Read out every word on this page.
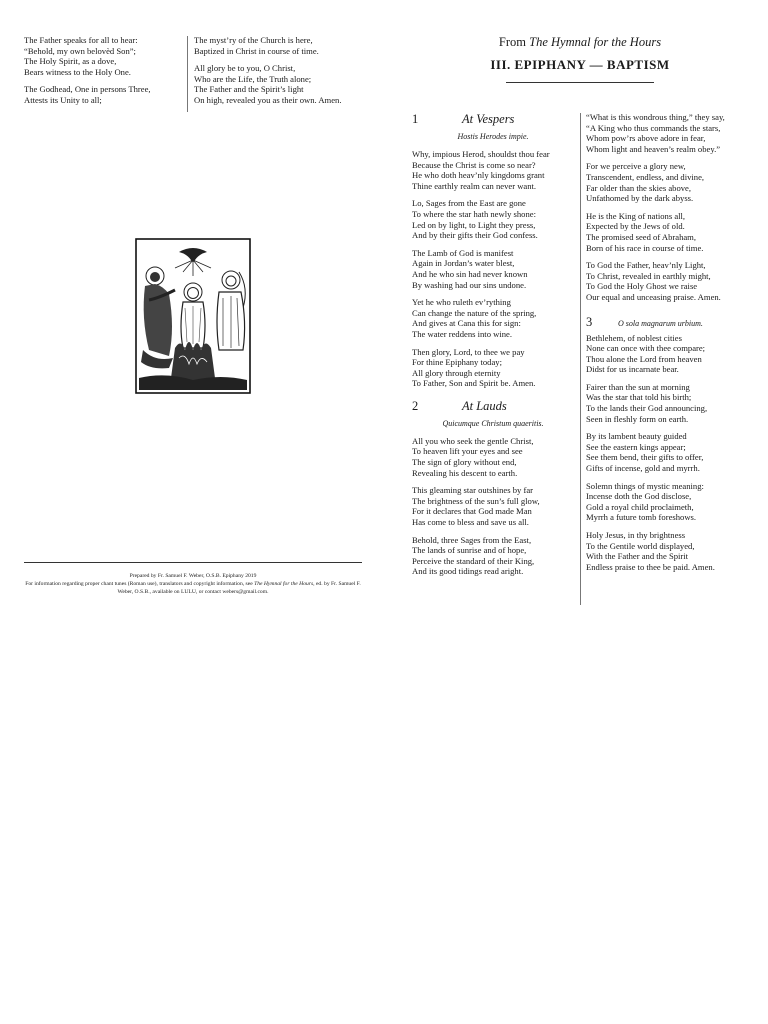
The Father speaks for all to hear:
“Behold, my own belovèd Son”;
The Holy Spirit, as a dove,
Bears witness to the Holy One.

The Godhead, One in persons Three,
Attests its Unity to all;

The myst’ry of the Church is here,
Baptized in Christ in course of time.

All glory be to you, O Christ,
Who are the Life, the Truth alone;
The Father and the Spirit’s light
On high, revealed you as their own. Amen.

Prepared by Fr. Samuel F. Weber, O.S.B. Epiphany 2019
For information regarding proper chant tunes (Roman use), translators and copyright information, see The Hymnal for the Hours, ed. by Fr. Samuel F. Weber, O.S.B., available on LULU, or contact webers@gmail.com.
From The Hymnal for the Hours
III. EPIPHANY — BAPTISM
1	At Vespers
Hostis Herodes impie.

Why, impious Herod, shouldst thou fear
Because the Christ is come so near?
He who doth heav’nly kingdoms grant
Thine earthly realm can never want.

Lo, Sages from the East are gone
To where the star hath newly shone:
Led on by light, to Light they press,
And by their gifts their God confess.

The Lamb of God is manifest
Again in Jordan’s water blest,
And he who sin had never known
By washing had our sins undone.

Yet he who ruleth ev’rything
Can change the nature of the spring,
And gives at Cana this for sign:
The water reddens into wine.

Then glory, Lord, to thee we pay
For thine Epiphany today;
All glory through eternity
To Father, Son and Spirit be. Amen.

2	At Lauds
Quicumque Christum quaeritis.

All you who seek the gentle Christ,
To heaven lift your eyes and see
The sign of glory without end,
Revealing his descent to earth.

This gleaming star outshines by far
The brightness of the sun’s full glow,
For it declares that God made Man
Has come to bless and save us all.

Behold, three Sages from the East,
The lands of sunrise and of hope,
Perceive the standard of their King,
And its good tidings read aright.

“What is this wondrous thing,” they say,
“A King who thus commands the stars,
Whom pow’rs above adore in fear,
Whom light and heaven’s realm obey.”

For we perceive a glory new,
Transcendent, endless, and divine,
Far older than the skies above,
Unfathomed by the dark abyss.

He is the King of nations all,
Expected by the Jews of old.
The promised seed of Abraham,
Born of his race in course of time.

To God the Father, heav’nly Light,
To Christ, revealed in earthly might,
To God the Holy Ghost we raise
Our equal and unceasing praise. Amen.

3	O sola magnarum urbium.

Bethlehem, of noblest cities
None can once with thee compare;
Thou alone the Lord from heaven
Didst for us incarnate bear.

Fairer than the sun at morning
Was the star that told his birth;
To the lands their God announcing,
Seen in fleshly form on earth.

By its lambent beauty guided
See the eastern kings appear;
See them bend, their gifts to offer,
Gifts of incense, gold and myrrh.

Solemn things of mystic meaning:
Incense doth the God disclose,
Gold a royal child proclaimeth,
Myrrh a future tomb foreshows.

Holy Jesus, in thy brightness
To the Gentile world displayed,
With the Father and the Spirit
Endless praise to thee be paid. Amen.
